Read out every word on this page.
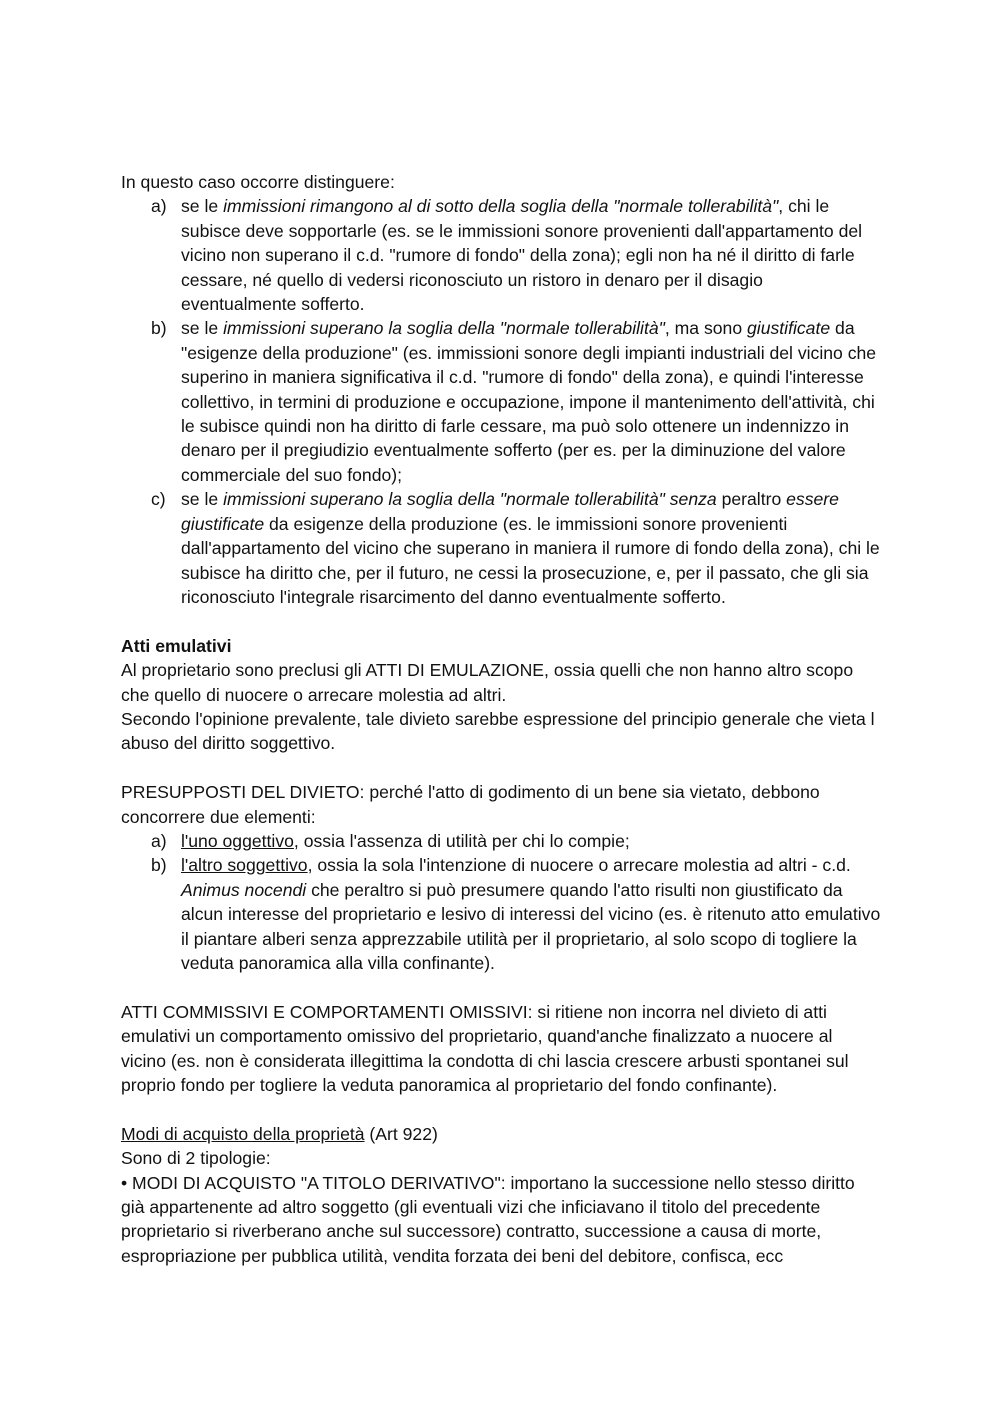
In questo caso occorre distinguere:

a) se le immissioni rimangono al di sotto della soglia della "normale tollerabilità", chi le subisce deve sopportarle (es. se le immissioni sonore provenienti dall'appartamento del vicino non superano il c.d. "rumore di fondo" della zona); egli non ha né il diritto di farle cessare, né quello di vedersi riconosciuto un ristoro in denaro per il disagio eventualmente sofferto.
b) se le immissioni superano la soglia della "normale tollerabilità", ma sono giustificate da "esigenze della produzione" (es. immissioni sonore degli impianti industriali del vicino che superino in maniera significativa il c.d. "rumore di fondo" della zona), e quindi l'interesse collettivo, in termini di produzione e occupazione, impone il mantenimento dell'attività, chi le subisce quindi non ha diritto di farle cessare, ma può solo ottenere un indennizzo in denaro per il pregiudizio eventualmente sofferto (per es. per la diminuzione del valore commerciale del suo fondo);
c) se le immissioni superano la soglia della "normale tollerabilità" senza peraltro essere giustificate da esigenze della produzione (es. le immissioni sonore provenienti dall'appartamento del vicino che superano in maniera il rumore di fondo della zona), chi le subisce ha diritto che, per il futuro, ne cessi la prosecuzione, e, per il passato, che gli sia riconosciuto l'integrale risarcimento del danno eventualmente sofferto.

Atti emulativi

Al proprietario sono preclusi gli ATTI DI EMULAZIONE, ossia quelli che non hanno altro scopo che quello di nuocere o arrecare molestia ad altri.

Secondo l'opinione prevalente, tale divieto sarebbe espressione del principio generale che vieta l abuso del diritto soggettivo.

PRESUPPOSTI DEL DIVIETO: perché l'atto di godimento di un bene sia vietato, debbono concorrere due elementi:

a) l'uno oggettivo, ossia l'assenza di utilità per chi lo compie;
b) l'altro soggettivo, ossia la sola l'intenzione di nuocere o arrecare molestia ad altri - c.d. Animus nocendi che peraltro si può presumere quando l'atto risulti non giustificato da alcun interesse del proprietario e lesivo di interessi del vicino (es. è ritenuto atto emulativo il piantare alberi senza apprezzabile utilità per il proprietario, al solo scopo di togliere la veduta panoramica alla villa confinante).

ATTI COMMISSIVI E COMPORTAMENTI OMISSIVI: si ritiene non incorra nel divieto di atti emulativi un comportamento omissivo del proprietario, quand'anche finalizzato a nuocere al vicino (es. non è considerata illegittima la condotta di chi lascia crescere arbusti spontanei sul proprio fondo per togliere la veduta panoramica al proprietario del fondo confinante).

Modi di acquisto della proprietà (Art 922)

Sono di 2 tipologie:

• MODI DI ACQUISTO "A TITOLO DERIVATIVO": importano la successione nello stesso diritto già appartenente ad altro soggetto (gli eventuali vizi che inficiavano il titolo del precedente proprietario si riverberano anche sul successore) contratto, successione a causa di morte, espropriazione per pubblica utilità, vendita forzata dei beni del debitore, confisca, ecc
